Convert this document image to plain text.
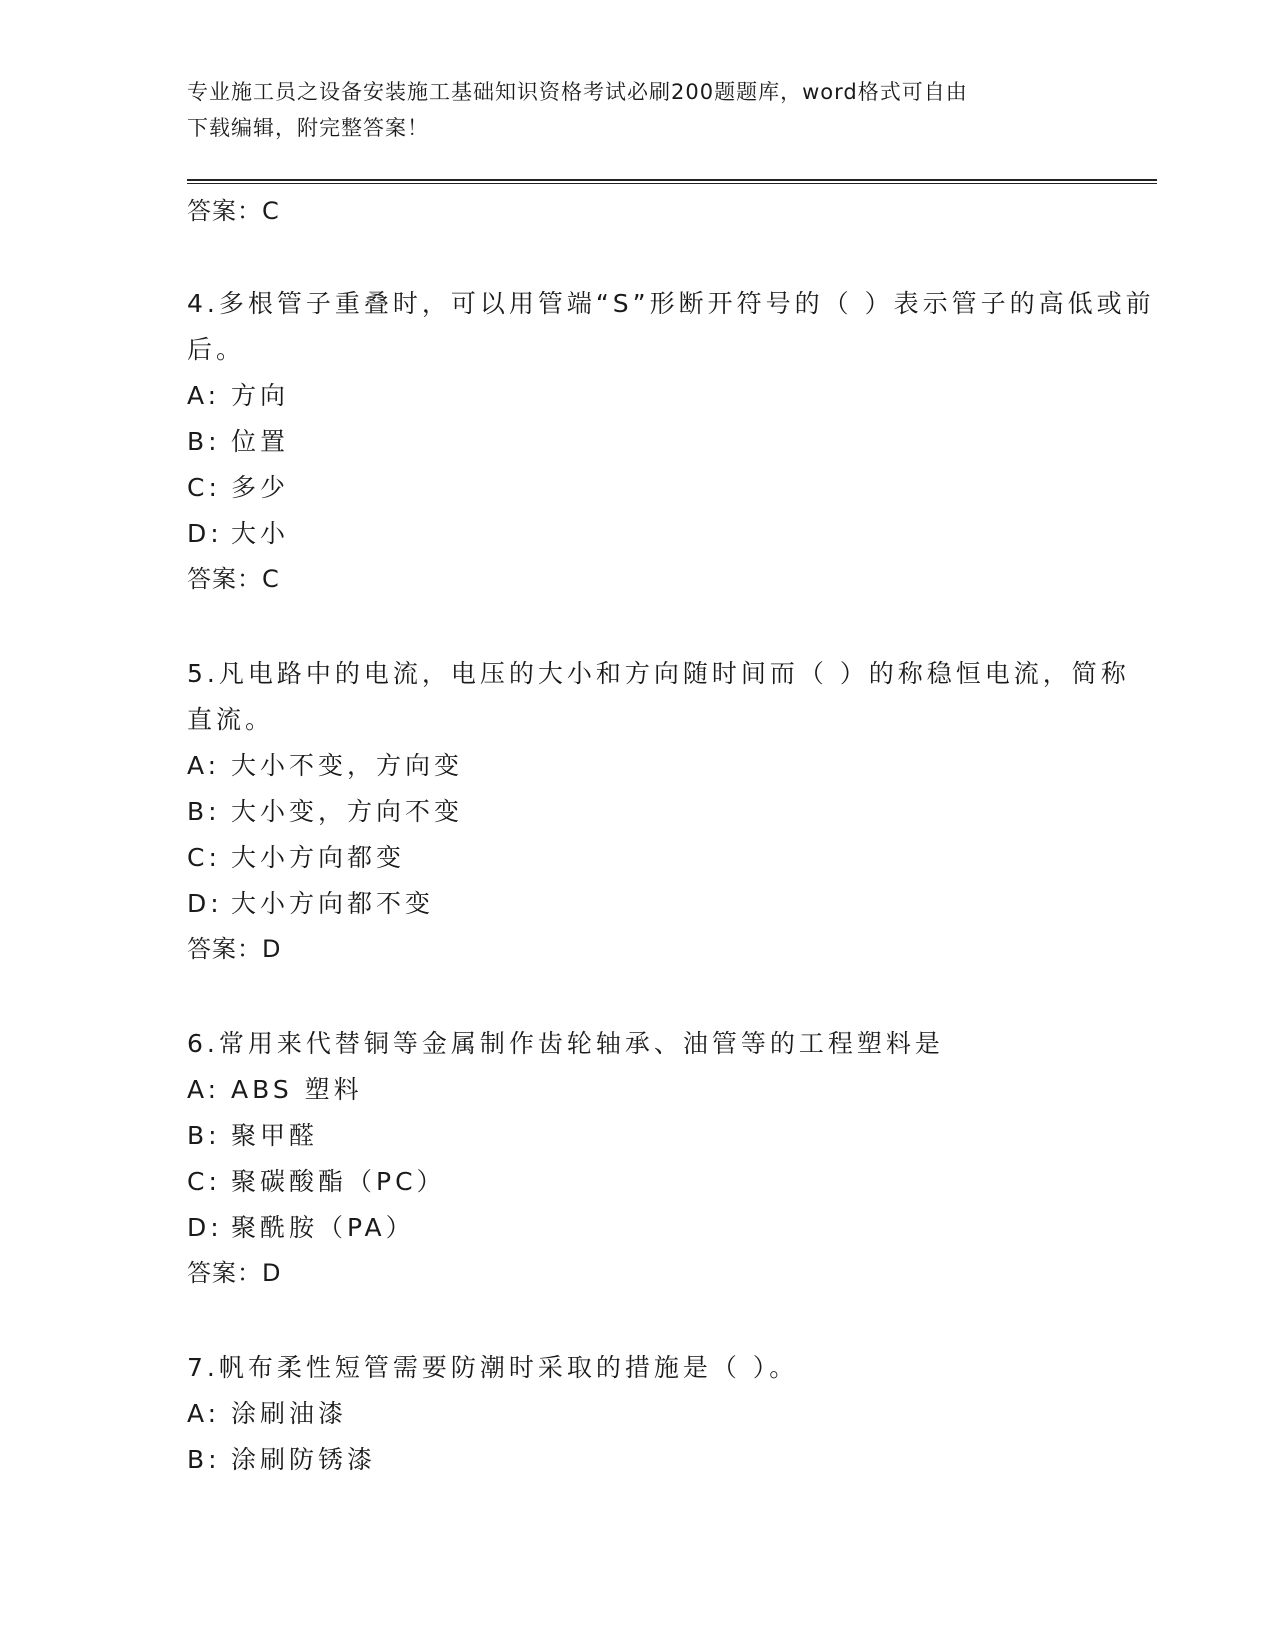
专业施工员之设备安装施工基础知识资格考试必刷200题题库，word格式可自由
下载编辑，附完整答案！
答案：C
4.多根管子重叠时，可以用管端“S”形断开符号的（ ）表示管子的高低或前后。
A: 方向
B: 位置
C: 多少
D: 大小
答案：C
5.凡电路中的电流，电压的大小和方向随时间而（ ）的称稳恒电流，简称直流。
A: 大小不变，方向变
B: 大小变，方向不变
C: 大小方向都变
D: 大小方向都不变
答案：D
6.常用来代替铜等金属制作齿轮轴承、油管等的工程塑料是
A: ABS 塑料
B: 聚甲醛
C: 聚碳酸酯（PC）
D: 聚酰胺（PA）
答案：D
7.帆布柔性短管需要防潮时采取的措施是（ ）。
A: 涂刷油漆
B: 涂刷防锈漆
